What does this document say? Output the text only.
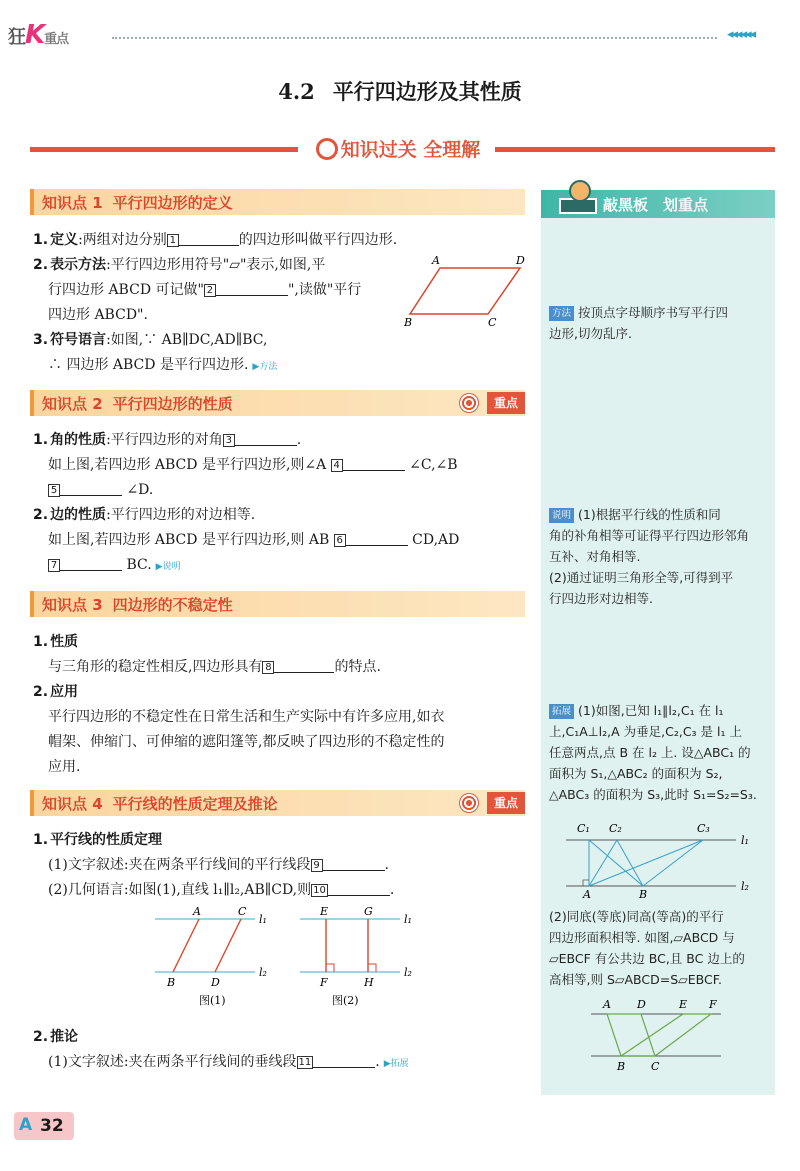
狂K重点	◂◂◂◂◂◂
4.2 平行四边形及其性质
知识过关 全理解
知识点 1 平行四边形的定义
1. 定义:两组对边分别 1	的四边形叫做平行四边形.
2. 表示方法:平行四边形用符号"▱"表示,如图,平
行四边形 ABCD 可记做" 2	",读做"平行
四边形 ABCD".
3. 符号语言:如图,∵ AB∥DC,AD∥BC,
∴ 四边形 ABCD 是平行四边形. ▶方法
A	D
B	C
知识点 2 平行四边形的性质	重点
1. 角的性质:平行四边形的对角 3	.
如上图,若四边形 ABCD 是平行四边形,则∠A 4	∠C,∠B
5	∠D.
2. 边的性质:平行四边形的对边相等.
如上图,若四边形 ABCD 是平行四边形,则 AB 6	CD,AD
7	BC. ▶说明
知识点 3 四边形的不稳定性
1. 性质
与三角形的稳定性相反,四边形具有 8	的特点.
2. 应用
平行四边形的不稳定性在日常生活和生产实际中有许多应用,如衣
帽架、伸缩门、可伸缩的遮阳篷等,都反映了四边形的不稳定性的
应用.
知识点 4 平行线的性质定理及推论	重点
1. 平行线的性质定理
(1)文字叙述:夹在两条平行线间的平行线段 9	.
(2)几何语言:如图(1),直线 l₁∥l₂,AB∥CD,则 10	.
A	C
l₁
B	D
l₂
图(1)
E	G
l₁
F	H
l₂
图(2)
2. 推论
(1)文字叙述:夹在两条平行线间的垂线段 11	. ▶拓展
敲黑板　划重点
方法 按顶点字母顺序书写平行四
边形,切勿乱序.
说明 (1)根据平行线的性质和同
角的补角相等可证得平行四边形邻角
互补、对角相等.
(2)通过证明三角形全等,可得到平
行四边形对边相等.
拓展 (1)如图,已知 l₁∥l₂,C₁ 在 l₁
上,C₁A⊥l₂,A 为垂足,C₂,C₃ 是 l₁ 上
任意两点,点 B 在 l₂ 上. 设△ABC₁ 的
面积为 S₁,△ABC₂ 的面积为 S₂,
△ABC₃ 的面积为 S₃,此时 S₁=S₂=S₃.
C₁ C₂	C₃
l₁
l₂
A	B
(2)同底(等底)同高(等高)的平行
四边形面积相等. 如图,▱ABCD 与
▱EBCF 有公共边 BC,且 BC 边上的
高相等,则 S▱ABCD=S▱EBCF.
A D	E F
B C
A 32
